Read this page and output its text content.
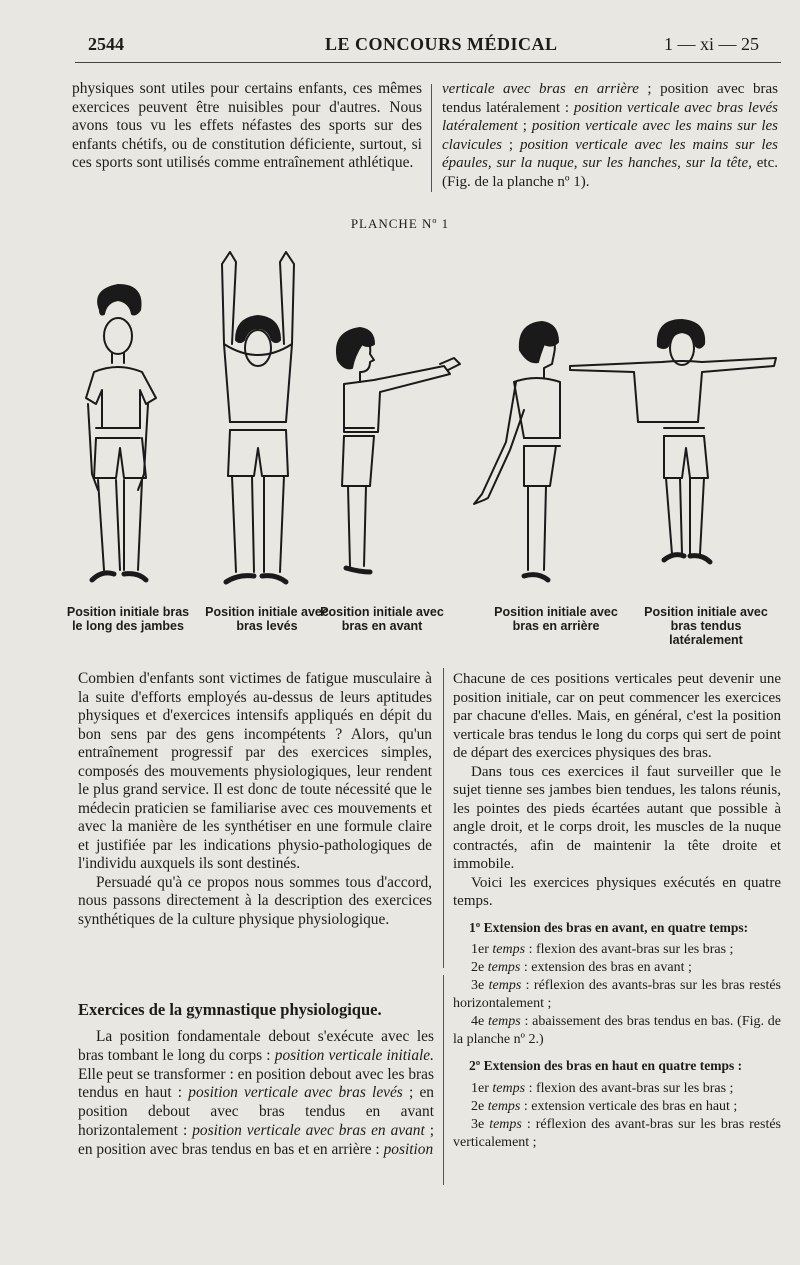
2544	LE CONCOURS MÉDICAL	1 — xi — 25

physiques sont utiles pour certains enfants, ces mêmes exercices peuvent être nuisibles pour d'autres. Nous avons tous vu les effets néfastes des sports sur des enfants chétifs, ou de constitution déficiente, surtout, si ces sports sont utilisés comme entraînement athlétique.

verticale avec bras en arrière ; position avec bras tendus latéralement : position verticale avec bras levés latéralement ; position verticale avec les mains sur les clavicules ; position verticale avec les mains sur les épaules, sur la nuque, sur les hanches, sur la tête, etc. (Fig. de la planche nº 1).

PLANCHE Nº 1
Position initiale bras le long des jambes
Position initiale avec bras levés
Position initiale avec bras en avant
Position initiale avec bras en arrière
Position initiale avec bras tendus latéralement

Combien d'enfants sont victimes de fatigue musculaire à la suite d'efforts employés au-dessus de leurs aptitudes physiques et d'exercices intensifs appliqués en dépit du bon sens par des gens incompétents ? Alors, qu'un entraînement progressif par des exercices simples, composés des mouvements physiologiques, leur rendent le plus grand service. Il est donc de toute nécessité que le médecin praticien se familiarise avec ces mouvements et avec la manière de les synthétiser en une formule claire et justifiée par les indications physio-pathologiques de l'individu auxquels ils sont destinés.

Persuadé qu'à ce propos nous sommes tous d'accord, nous passons directement à la description des exercices synthétiques de la culture physique physiologique.

Exercices de la gymnastique physiologique.

La position fondamentale debout s'exécute avec les bras tombant le long du corps : position verticale initiale. Elle peut se transformer : en position debout avec les bras tendus en haut : position verticale avec bras levés ; en position debout avec bras tendus en avant horizontalement : position verticale avec bras en avant ; en position avec bras tendus en bas et en arrière : position

Chacune de ces positions verticales peut devenir une position initiale, car on peut commencer les exercices par chacune d'elles. Mais, en général, c'est la position verticale bras tendus le long du corps qui sert de point de départ des exercices physiques des bras.

Dans tous ces exercices il faut surveiller que le sujet tienne ses jambes bien tendues, les talons réunis, les pointes des pieds écartées autant que possible à angle droit, et le corps droit, les muscles de la nuque contractés, afin de maintenir la tête droite et immobile.

Voici les exercices physiques exécutés en quatre temps.

1º Extension des bras en avant, en quatre temps:

1er temps : flexion des avant-bras sur les bras ;

2e temps : extension des bras en avant ;

3e temps : réflexion des avants-bras sur les bras restés horizontalement ;

4e temps : abaissement des bras tendus en bas. (Fig. de la planche nº 2.)

2º Extension des bras en haut en quatre temps :

1er temps : flexion des avant-bras sur les bras ;

2e temps : extension verticale des bras en haut ;

3e temps : réflexion des avant-bras sur les bras restés verticalement ;
